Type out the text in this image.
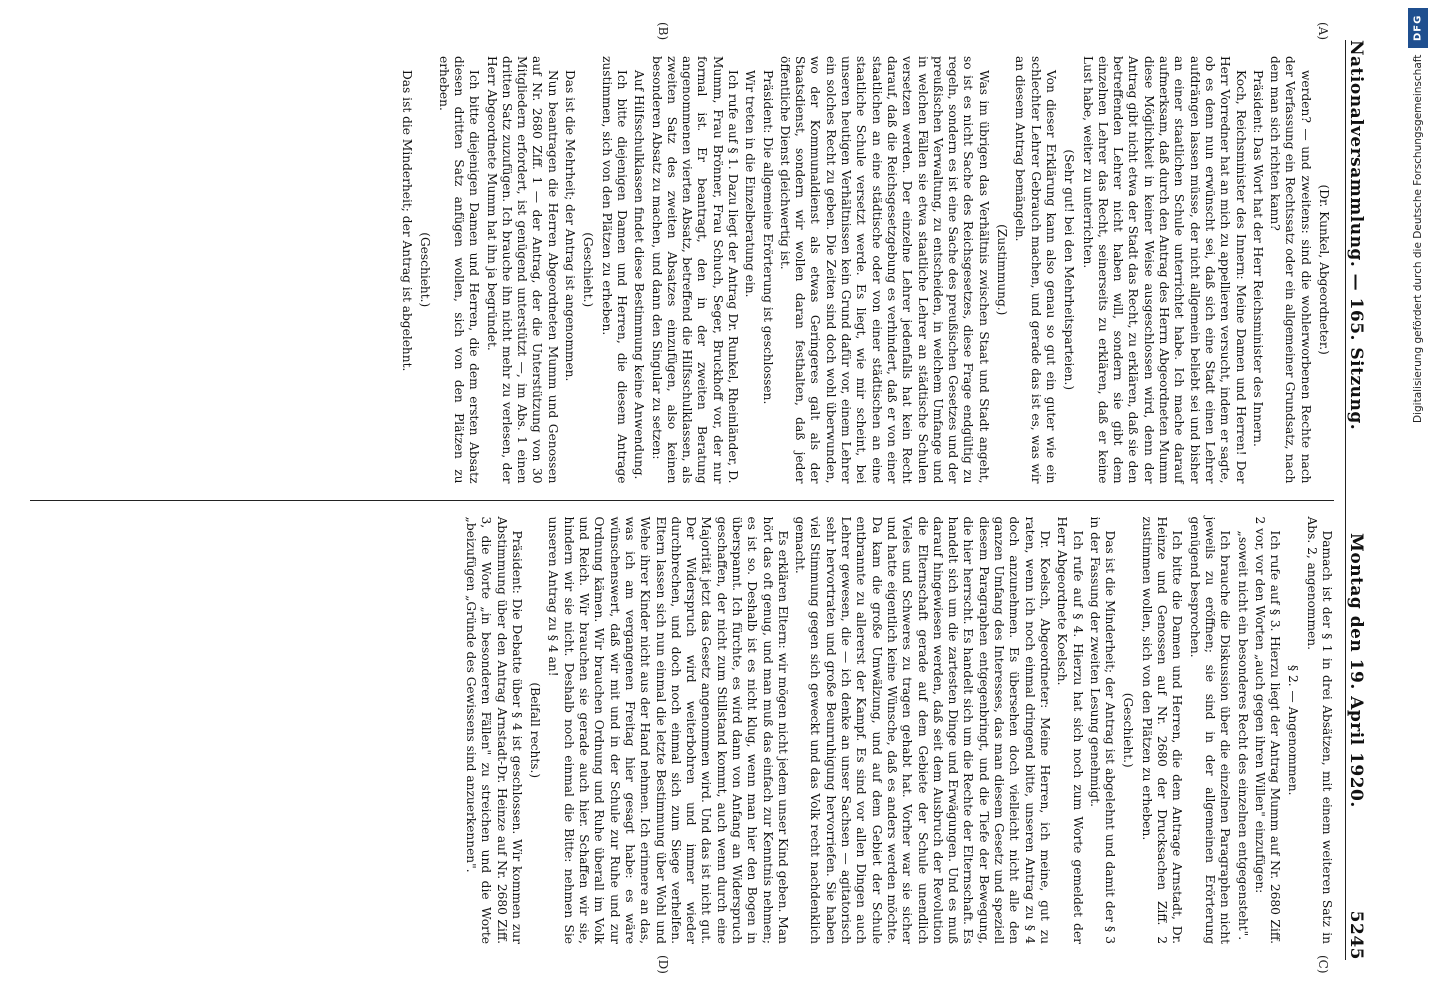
Nationalversammlung. — 165. Sitzung.
Montag den 19. April 1920.
5245

(Dr. Kunkel, Abgeordneter.)

werden? — und zweitens: sind die wohlerworbenen Rechte nach der Verfassung ein Rechtssatz oder ein allgemeiner Grundsatz, nach dem man sich richten kann?

Präsident: Das Wort hat der Herr Reichsminister des Innern.

Koch, Reichsminister des Innern: Meine Damen und Herren! Der Herr Vorredner hat an mich zu appellieren versucht, indem er sagte, ob es denn nun erwünscht sei, daß sich eine Stadt einen Lehrer aufdrängen lassen müsse, der nicht allgemein beliebt sei und bisher an einer staatlichen Schule unterrichtet habe. Ich mache darauf aufmerksam, daß durch den Antrag des Herrn Abgeordneten Mumm diese Möglichkeit in keiner Weise ausgeschlossen wird, denn der Antrag gibt nicht etwa der Stadt das Recht, zu erklären, daß sie den betreffenden Lehrer nicht haben will, sondern sie gibt dem einzelnen Lehrer das Recht, seinerseits zu erklären, daß er keine Lust habe, weiter zu unterrichten.

(Sehr gut! bei den Mehrheitsparteien.)

Von dieser Erklärung kann also genau so gut ein guter wie ein schlechter Lehrer Gebrauch machen, und gerade das ist es, was wir an diesem Antrag bemängeln.

(Zustimmung.)

Was im übrigen das Verhältnis zwischen Staat und Stadt angeht, so ist es nicht Sache des Reichsgesetzes, diese Frage endgültig zu regeln, sondern es ist eine Sache des preußischen Gesetzes und der preußischen Verwaltung, zu entscheiden, in welchem Umfange und in welchen Fällen sie etwa staatliche Lehrer an städtische Schulen versetzen werden. Der einzelne Lehrer jedenfalls hat kein Recht darauf, daß die Reichsgesetzgebung es verhindert, daß er von einer staatlichen an eine städtische oder von einer städtischen an eine staatliche Schule versetzt werde. Es liegt, wie mir scheint, bei unseren heutigen Verhältnissen kein Grund dafür vor, einem Lehrer ein solches Recht zu geben. Die Zeiten sind doch wohl überwunden, wo der Kommunaldienst als etwas Geringeres galt als der Staatsdienst, sondern wir wollen daran festhalten, daß jeder öffentliche Dienst gleichwertig ist.

Präsident: Die allgemeine Erörterung ist geschlossen.

Wir treten in die Einzelberatung ein.

Ich rufe auf § 1. Dazu liegt der Antrag Dr. Runkel, Rheinländer, D. Mumm, Frau Brönner, Frau Schuch, Seger, Bruckhoff vor, der nur formal ist. Er beantragt, den in der zweiten Beratung angenommenen vierten Absatz, betreffend die Hilfsschulklassen, als zweiten Satz des zweiten Absatzes einzufügen, also keinen besonderen Absatz zu machen, und dann den Singular zu setzen:

Auf Hilfsschulklassen findet diese Bestimmung keine Anwendung.

Ich bitte diejenigen Damen und Herren, die diesem Antrage zustimmen, sich von den Plätzen zu erheben.

(Geschieht.)

Das ist die Mehrheit; der Antrag ist angenommen.

Nun beantragen die Herren Abgeordneten Mumm und Genossen auf Nr. 2680 Ziff. 1 — der Antrag, der die Unterstützung von 30 Mitgliedern erfordert, ist genügend unterstützt —, im Abs. 1 einen dritten Satz zuzufügen. Ich brauche ihn nicht mehr zu verlesen, der Herr Abgeordnete Mumm hat ihn ja begründet.

Ich bitte diejenigen Damen und Herren, die dem ersten Absatz diesen dritten Satz anfügen wollen, sich von den Plätzen zu erheben.

(Geschieht.)

Das ist die Minderheit; der Antrag ist abgelehnt.

Damach ist der § 1 in drei Absätzen, mit einem weiteren Satz in Abs. 2, angenommen.

§ 2. — Angenommen.

Ich rufe auf § 3. Hierzu liegt der Antrag Mumm auf Nr. 2680 Ziff. 2 vor, vor den Worten „auch gegen ihren Willen" einzufügen:

„soweit nicht ein besonderes Recht des einzelnen entgegensteht".

Ich brauche die Diskussion über die einzelnen Paragraphen nicht jeweils zu eröffnen; sie sind in der allgemeinen Erörterung genügend besprochen.

Ich bitte die Damen und Herren, die dem Antrage Arnstadt, Dr. Heinze und Genossen auf Nr. 2680 der Drucksachen Ziff. 2 zustimmen wollen, sich von den Plätzen zu erheben.

(Geschieht.)

Das ist die Minderheit; der Antrag ist abgelehnt und damit der § 3 in der Fassung der zweiten Lesung genehmigt.

Ich rufe auf § 4. Hierzu hat sich noch zum Worte gemeldet der Herr Abgeordnete Koelsch.

Dr. Koelsch, Abgeordneter: Meine Herren, ich meine, gut zu raten, wenn ich noch einmal dringend bitte, unseren Antrag zu § 4 doch anzunehmen. Es übersehen doch vielleicht nicht alle den ganzen Umfang des Interesses, das man diesem Gesetz und speziell diesem Paragraphen entgegenbringt, und die Tiefe der Bewegung, die hier herrscht. Es handelt sich um die Rechte der Elternschaft. Es handelt sich um die zartesten Dinge und Erwägungen. Und es muß darauf hingewiesen werden, daß seit dem Ausbruch der Revolution die Elternschaft gerade auf dem Gebiete der Schule unendlich Vieles und Schweres zu tragen gehabt hat. Vorher war sie sicher und hatte eigentlich keine Wünsche, daß es anders werden möchte. Da kam die große Umwälzung, und auf dem Gebiet der Schule entbrannte zu allererst der Kampf. Es sind vor allen Dingen auch Lehrer gewesen, die — ich denke an unser Sachsen — agitatorisch sehr hervortraten und große Beunruhigung hervorriefen. Sie haben viel Stimmung gegen sich geweckt und das Volk recht nachdenklich gemacht.

Es erklären Eltern: wir mögen nicht jedem unser Kind geben. Man hört das oft genug, und man muß das einfach zur Kenntnis nehmen; es ist so. Deshalb ist es nicht klug, wenn man hier den Bogen in überspannt. Ich fürchte, es wird dann von Anfang an Widerspruch geschaffen, der nicht zum Stillstand kommt, auch wenn durch eine Majorität jetzt das Gesetz angenommen wird. Und das ist nicht gut. Der Widerspruch wird weiterbohren und immer wieder durchbrechen, und doch noch einmal sich zum Siege verhelfen. Eltern lassen sich nun einmal die letzte Bestimmung über Wohl und Wehe ihrer Kinder nicht aus der Hand nehmen. Ich erinnere an das, was ich am vergangenen Freitag hier gesagt habe: es wäre wünschenswert, daß wir mit und in der Schule zur Ruhe und zur Ordnung kämen. Wir brauchen Ordnung und Ruhe überall im Volk und Reich. Wir brauchen sie gerade auch hier. Schaffen wir sie, hindern wir sie nicht. Deshalb noch einmal die Bitte: nehmen Sie unseren Antrag zu § 4 an!

(Beifall rechts.)

Präsident: Die Debatte über § 4 ist geschlossen. Wir kommen zur Abstimmung über den Antrag Arnstadt-Dr. Heinze auf Nr. 2680 Ziff. 3, die Worte „in besonderen Fällen" zu streichen und die Worte „beizufügen „Gründe des Gewissens sind anzuerkennen".

(A)
(B)
(C)
(D)
DFG
Digitalisierung gefördert durch die Deutsche Forschungsgemeinschaft
